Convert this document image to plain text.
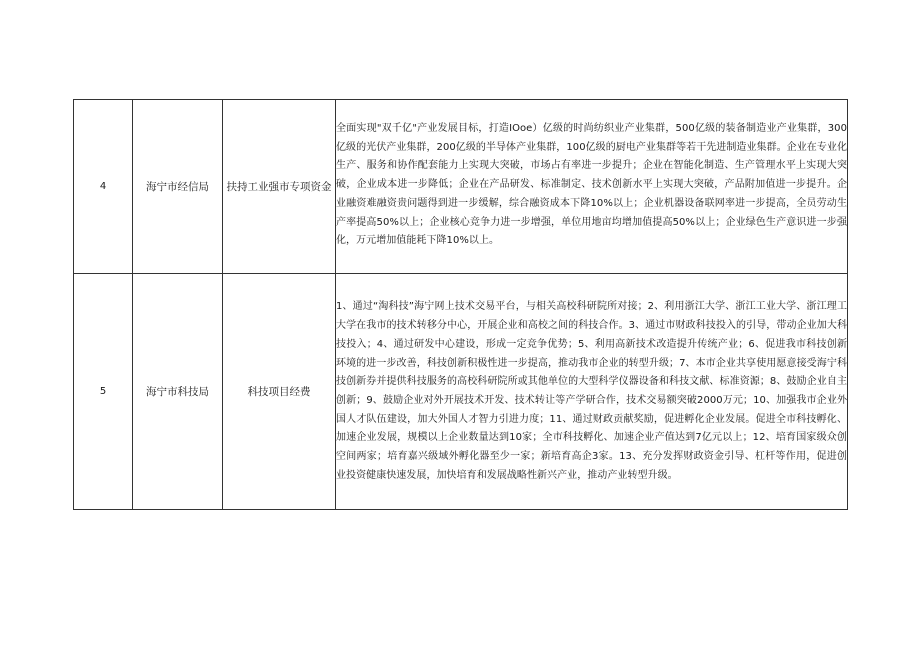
4	海宁市经信局	扶持工业强市专项资金	全面实现"双千亿"产业发展目标，打造IOoe）亿级的时尚纺织业产业集群，500亿级的装备制造业产业集群，300亿级的光伏产业集群，200亿级的半导体产业集群，100亿级的厨电产业集群等若干先进制造业集群。企业在专业化生产、服务和协作配套能力上实现大突破，市场占有率进一步提升；企业在智能化制造、生产管理水平上实现大突破，企业成本进一步降低；企业在产品研发、标准制定、技术创新水平上实现大突破，产品附加值进一步提升。企业融资难融资贵问题得到进一步缓解，综合融资成本下降10%以上；企业机器设备联网率进一步提高，全员劳动生产率提高50%以上；企业核心竞争力进一步增强，单位用地亩均增加值提高50%以上；企业绿色生产意识进一步强化，万元增加值能耗下降10%以上。

5	海宁市科技局	科技项目经费	1、通过“淘科技”海宁网上技术交易平台，与相关高校科研院所对接；2、利用浙江大学、浙江工业大学、浙江理工大学在我市的技术转移分中心，开展企业和高校之间的科技合作。3、通过市财政科技投入的引导，带动企业加大科技投入；4、通过研发中心建设，形成一定竞争优势；5、利用高新技术改造提升传统产业；6、促进我市科技创新环境的进一步改善，科技创新积极性进一步提高，推动我市企业的转型升级；7、本市企业共享使用愿意接受海宁科技创新券并提供科技服务的高校科研院所或其他单位的大型科学仪器设备和科技文献、标准资源；8、鼓励企业自主创新；9、鼓励企业对外开展技术开发、技术转让等产学研合作，技术交易额突破2000万元；10、加强我市企业外国人才队伍建设，加大外国人才智力引进力度；11、通过财政贡献奖励，促进孵化企业发展。促进全市科技孵化、加速企业发展，规模以上企业数量达到10家；全市科技孵化、加速企业产值达到7亿元以上；12、培育国家级众创空间两家；培育嘉兴级域外孵化器至少一家；新培育高企3家。13、充分发挥财政资金引导、杠杆等作用，促进创业投资健康快速发展，加快培育和发展战略性新兴产业，推动产业转型升级。
